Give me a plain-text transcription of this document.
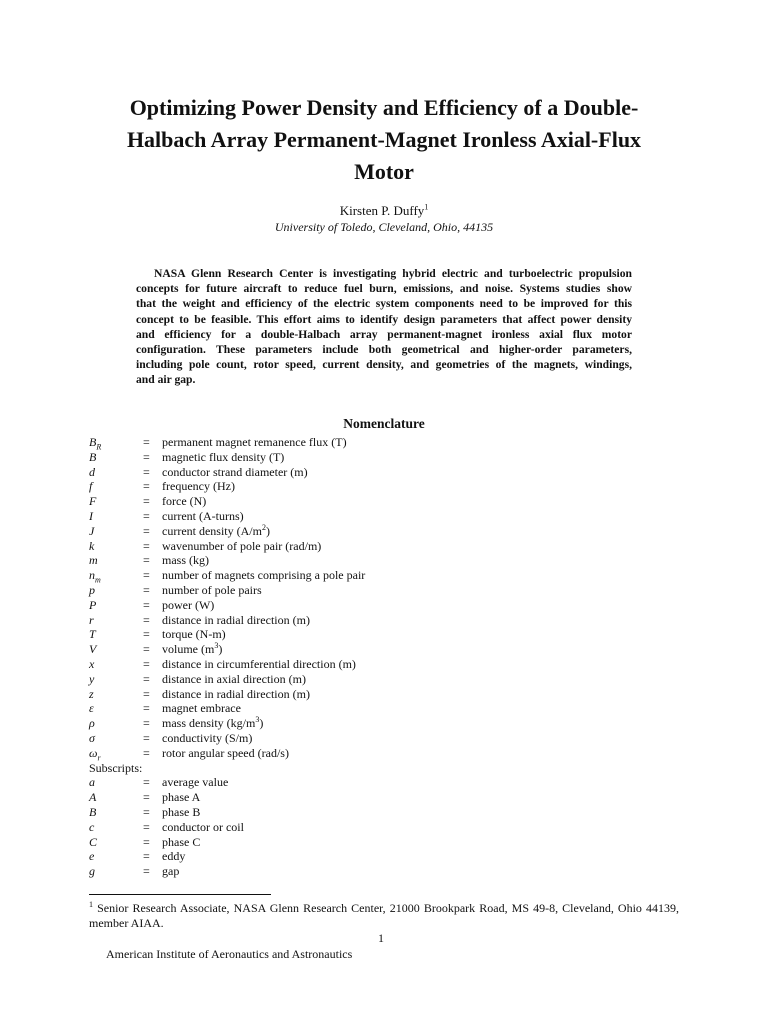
Optimizing Power Density and Efficiency of a Double-
Halbach Array Permanent-Magnet Ironless Axial-Flux
Motor
Kirsten P. Duffy$^1$
University of Toledo, Cleveland, Ohio, 44135
NASA Glenn Research Center is investigating hybrid electric and turboelectric propulsion
concepts for future aircraft to reduce fuel burn, emissions, and noise. Systems studies show
that the weight and efficiency of the electric system components need to be improved for this
concept to be feasible. This effort aims to identify design parameters that affect power density
and efficiency for a double-Halbach array permanent-magnet ironless axial flux motor
configuration. These parameters include both geometrical and higher-order parameters,
including pole count, rotor speed, current density, and geometries of the magnets, windings,
and air gap.
Nomenclature
$B_R$	= permanent magnet remanence flux (T)
B	= magnetic flux density (T)
d	= conductor strand diameter (m)
f	= frequency (Hz)
F	= force (N)
I	= current (A-turns)
J	= current density $(A/m^2)$
k	= wavenumber of pole pair (rad/m)
m	= mass (kg)
$n_m$	= number of magnets comprising a pole pair
p	= number of pole pairs
P	= power (W)
r	= distance in radial direction (m)
T	= torque (N-m)
V	= volume $(m^3)$
x	= distance in circumferential direction (m)
y	= distance in axial direction (m)
z	= distance in radial direction (m)
ε	= magnet embrace
ρ	= mass density $(kg/m^3)$
σ	= conductivity (S/m)
$\omega_r$	= rotor angular speed (rad/s)
Subscripts:
a	= average value
A	= phase A
B	= phase B
c	= conductor or coil
C	= phase C
e	= eddy
g	= gap
$^1$ Senior Research Associate, NASA Glenn Research Center, 21000 Brookpark Road, MS 49-8, Cleveland, Ohio 44139, member AIAA.
1
American Institute of Aeronautics and Astronautics
